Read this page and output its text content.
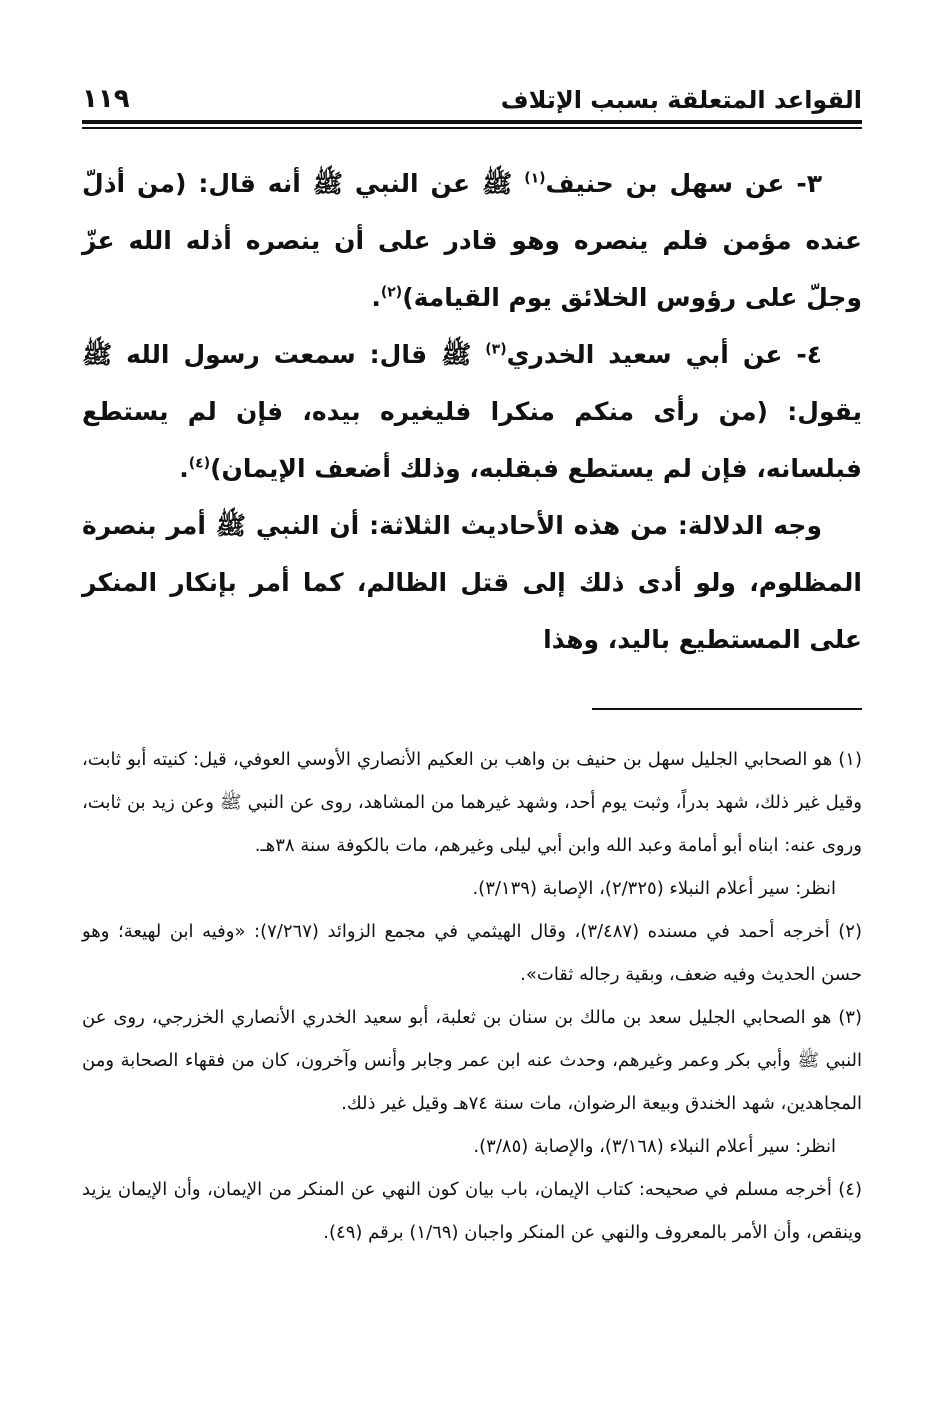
القواعد المتعلقة بسبب الإتلاف
١١٩

٣- عن سهل بن حنيف$^{(١)}$ ﷺ عن النبي ﷺ أنه قال: (من أذلّ عنده مؤمن فلم ينصره وهو قادر على أن ينصره أذله الله عزّ وجلّ على رؤوس الخلائق يوم القيامة)$^{(٢)}$.

٤- عن أبي سعيد الخدري$^{(٣)}$ ﷺ قال: سمعت رسول الله ﷺ يقول: (من رأى منكم منكرا فليغيره بيده، فإن لم يستطع فبلسانه، فإن لم يستطع فبقلبه، وذلك أضعف الإيمان)$^{(٤)}$.

وجه الدلالة: من هذه الأحاديث الثلاثة: أن النبي ﷺ أمر بنصرة المظلوم، ولو أدى ذلك إلى قتل الظالم، كما أمر بإنكار المنكر على المستطيع باليد، وهذا

(١) هو الصحابي الجليل سهل بن حنيف بن واهب بن العكيم الأنصاري الأوسي العوفي، قيل: كنيته أبو ثابت، وقيل غير ذلك، شهد بدراً، وثبت يوم أحد، وشهد غيرهما من المشاهد، روى عن النبي ﷺ وعن زيد بن ثابت، وروى عنه: ابناه أبو أمامة وعبد الله وابن أبي ليلى وغيرهم، مات بالكوفة سنة ٣٨هـ.

انظر: سير أعلام النبلاء (٢/٣٢٥)، الإصابة (٣/١٣٩).

(٢) أخرجه أحمد في مسنده (٣/٤٨٧)، وقال الهيثمي في مجمع الزوائد (٧/٢٦٧): «وفيه ابن لهيعة؛ وهو حسن الحديث وفيه ضعف، وبقية رجاله ثقات».

(٣) هو الصحابي الجليل سعد بن مالك بن سنان بن ثعلبة، أبو سعيد الخدري الأنصاري الخزرجي، روى عن النبي ﷺ وأبي بكر وعمر وغيرهم، وحدث عنه ابن عمر وجابر وأنس وآخرون، كان من فقهاء الصحابة ومن المجاهدين، شهد الخندق وبيعة الرضوان، مات سنة ٧٤هـ وقيل غير ذلك.

انظر: سير أعلام النبلاء (٣/١٦٨)، والإصابة (٣/٨٥).

(٤) أخرجه مسلم في صحيحه: كتاب الإيمان، باب بيان كون النهي عن المنكر من الإيمان، وأن الإيمان يزيد وينقص، وأن الأمر بالمعروف والنهي عن المنكر واجبان (١/٦٩) برقم (٤٩).
